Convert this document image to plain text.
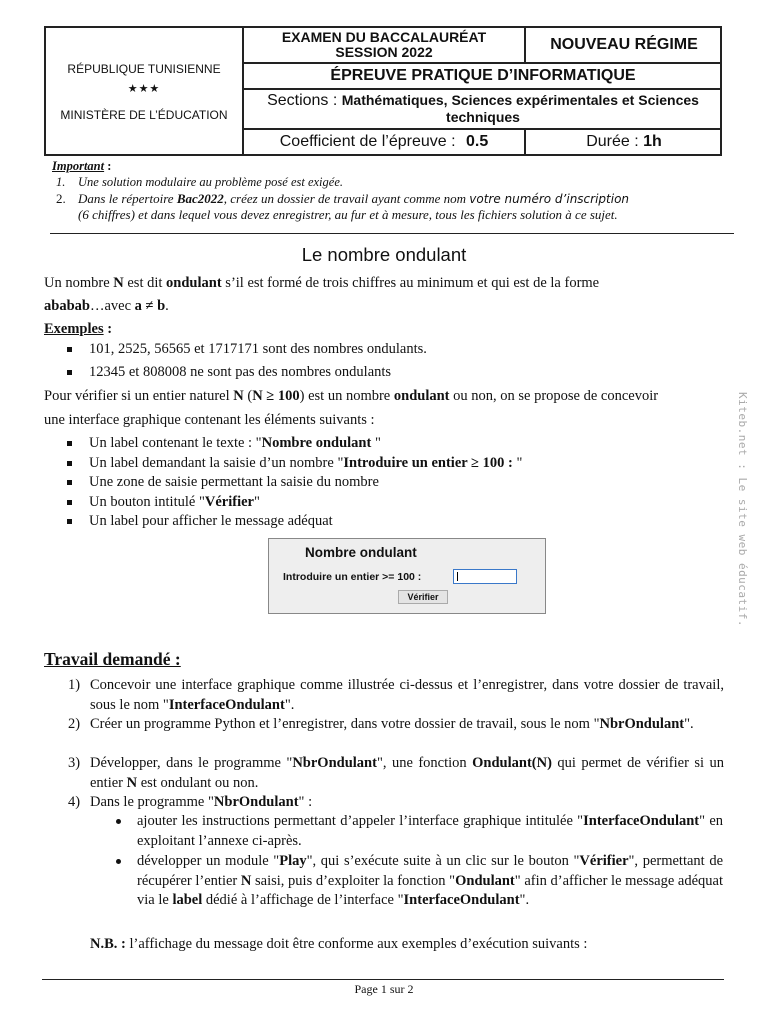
RÉPUBLIQUE TUNISIENNE
★★★
MINISTÈRE DE L’ÉDUCATION
EXAMEN DU BACCALAURÉAT
SESSION 2022	NOUVEAU RÉGIME
ÉPREUVE PRATIQUE D’INFORMATIQUE
Sections : Mathématiques, Sciences expérimentales et Sciences techniques
Coefficient de l’épreuve : 0.5	Durée : 1h
Important :
1. Une solution modulaire au problème posé est exigée.
2. Dans le répertoire Bac2022, créez un dossier de travail ayant comme nom votre numéro d’inscription
(6 chiffres) et dans lequel vous devez enregistrer, au fur et à mesure, tous les fichiers solution à ce sujet.
Le nombre ondulant
Un nombre N est dit ondulant s’il est formé de trois chiffres au minimum et qui est de la forme
ababab…avec a ≠ b.
Exemples :
101, 2525, 56565 et 1717171 sont des nombres ondulants.
12345 et 808008 ne sont pas des nombres ondulants
Pour vérifier si un entier naturel N (N ≥ 100) est un nombre ondulant ou non, on se propose de concevoir
une interface graphique contenant les éléments suivants :
Un label contenant le texte : "Nombre ondulant "
Un label demandant la saisie d’un nombre "Introduire un entier ≥ 100 : "
Une zone de saisie permettant la saisie du nombre
Un bouton intitulé "Vérifier"
Un label pour afficher le message adéquat
Nombre ondulant
Introduire un entier >= 100 :
Vérifier
Travail demandé :
1) Concevoir une interface graphique comme illustrée ci-dessus et l’enregistrer, dans votre dossier de travail, sous le nom "InterfaceOndulant".
2) Créer un programme Python et l’enregistrer, dans votre dossier de travail, sous le nom "NbrOndulant".
3) Développer, dans le programme "NbrOndulant", une fonction Ondulant(N) qui permet de vérifier si un entier N est ondulant ou non.
4) Dans le programme "NbrOndulant" :
ajouter les instructions permettant d’appeler l’interface graphique intitulée "InterfaceOndulant" en exploitant l’annexe ci-après.
développer un module "Play", qui s’exécute suite à un clic sur le bouton "Vérifier", permettant de récupérer l’entier N saisi, puis d’exploiter la fonction "Ondulant" afin d’afficher le message adéquat via le label dédié à l’affichage de l’interface "InterfaceOndulant".
N.B. : l’affichage du message doit être conforme aux exemples d’exécution suivants :
Page 1 sur 2
Kiteb.net : Le site web éducatif.
